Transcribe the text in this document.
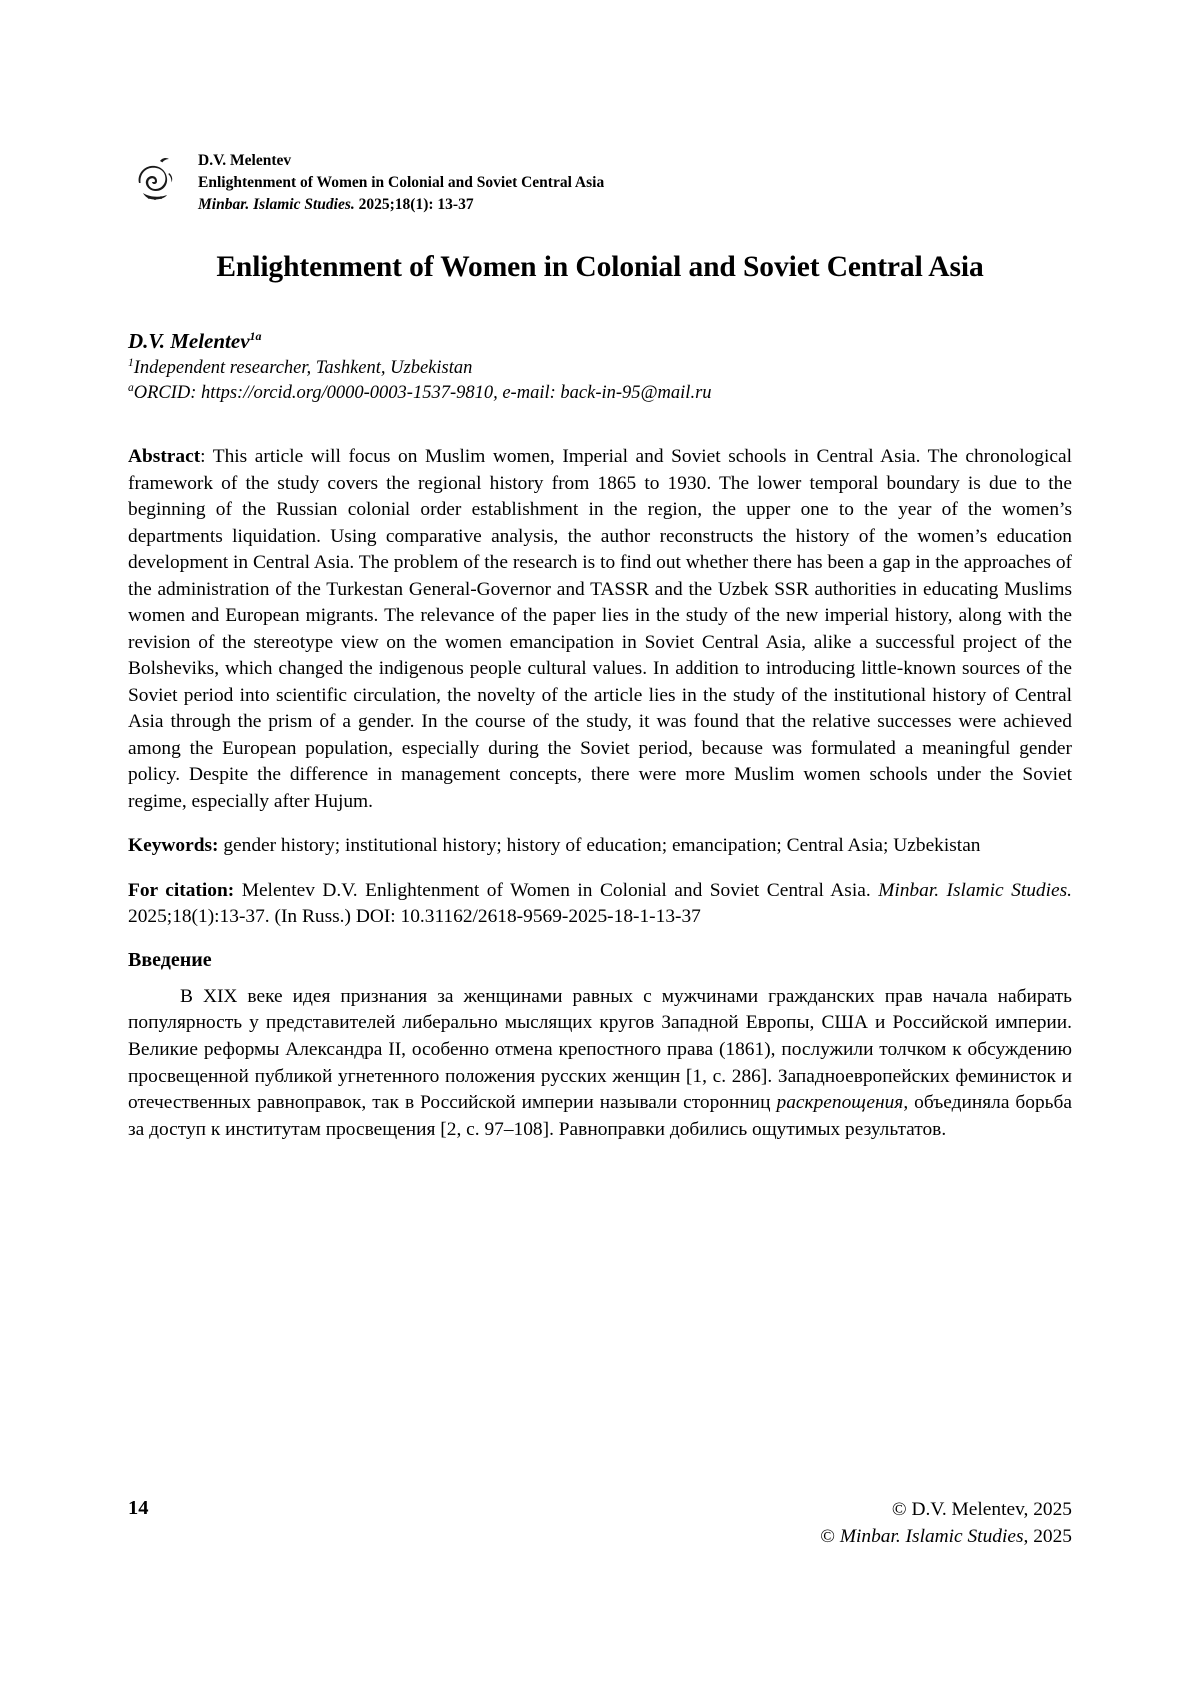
D.V. Melentev
Enlightenment of Women in Colonial and Soviet Central Asia
Minbar. Islamic Studies. 2025;18(1): 13-37
Enlightenment of Women in Colonial and Soviet Central Asia
D.V. Melentev$^{1a}$
$^1$Independent researcher, Tashkent, Uzbekistan
$^a$ORCID: https://orcid.org/0000-0003-1537-9810, e-mail: back-in-95@mail.ru

Abstract: This article will focus on Muslim women, Imperial and Soviet schools in Central Asia. The chronological framework of the study covers the regional history from 1865 to 1930. The lower temporal boundary is due to the beginning of the Russian colonial order establishment in the region, the upper one to the year of the women’s departments liquidation. Using comparative analysis, the author reconstructs the history of the women’s education development in Central Asia. The problem of the research is to find out whether there has been a gap in the approaches of the administration of the Turkestan General-Governor and TASSR and the Uzbek SSR authorities in educating Muslims women and European migrants. The relevance of the paper lies in the study of the new imperial history, along with the revision of the stereotype view on the women emancipation in Soviet Central Asia, alike a successful project of the Bolsheviks, which changed the indigenous people cultural values. In addition to introducing little-known sources of the Soviet period into scientific circulation, the novelty of the article lies in the study of the institutional history of Central Asia through the prism of a gender. In the course of the study, it was found that the relative successes were achieved among the European population, especially during the Soviet period, because was formulated a meaningful gender policy. Despite the difference in management concepts, there were more Muslim women schools under the Soviet regime, especially after Hujum.

Keywords: gender history; institutional history; history of education; emancipation; Central Asia; Uzbekistan

For citation: Melentev D.V. Enlightenment of Women in Colonial and Soviet Central Asia. Minbar. Islamic Studies. 2025;18(1):13-37. (In Russ.) DOI: 10.31162/2618-9569-2025-18-1-13-37

Введение

В XIX веке идея признания за женщинами равных с мужчинами гражданских прав начала набирать популярность у представителей либерально мыслящих кругов Западной Европы, США и Российской империи. Великие реформы Александра II, особенно отмена крепостного права (1861), послужили толчком к обсуждению просвещенной публикой угнетенного положения русских женщин [1, с. 286]. Западноевропейских феминисток и отечественных равноправок, так в Российской империи называли сторонниц раскрепощения, объединяла борьба за доступ к институтам просвещения [2, с. 97–108]. Равноправки добились ощутимых результатов.

14	© D.V. Melentev, 2025
© Minbar. Islamic Studies, 2025
